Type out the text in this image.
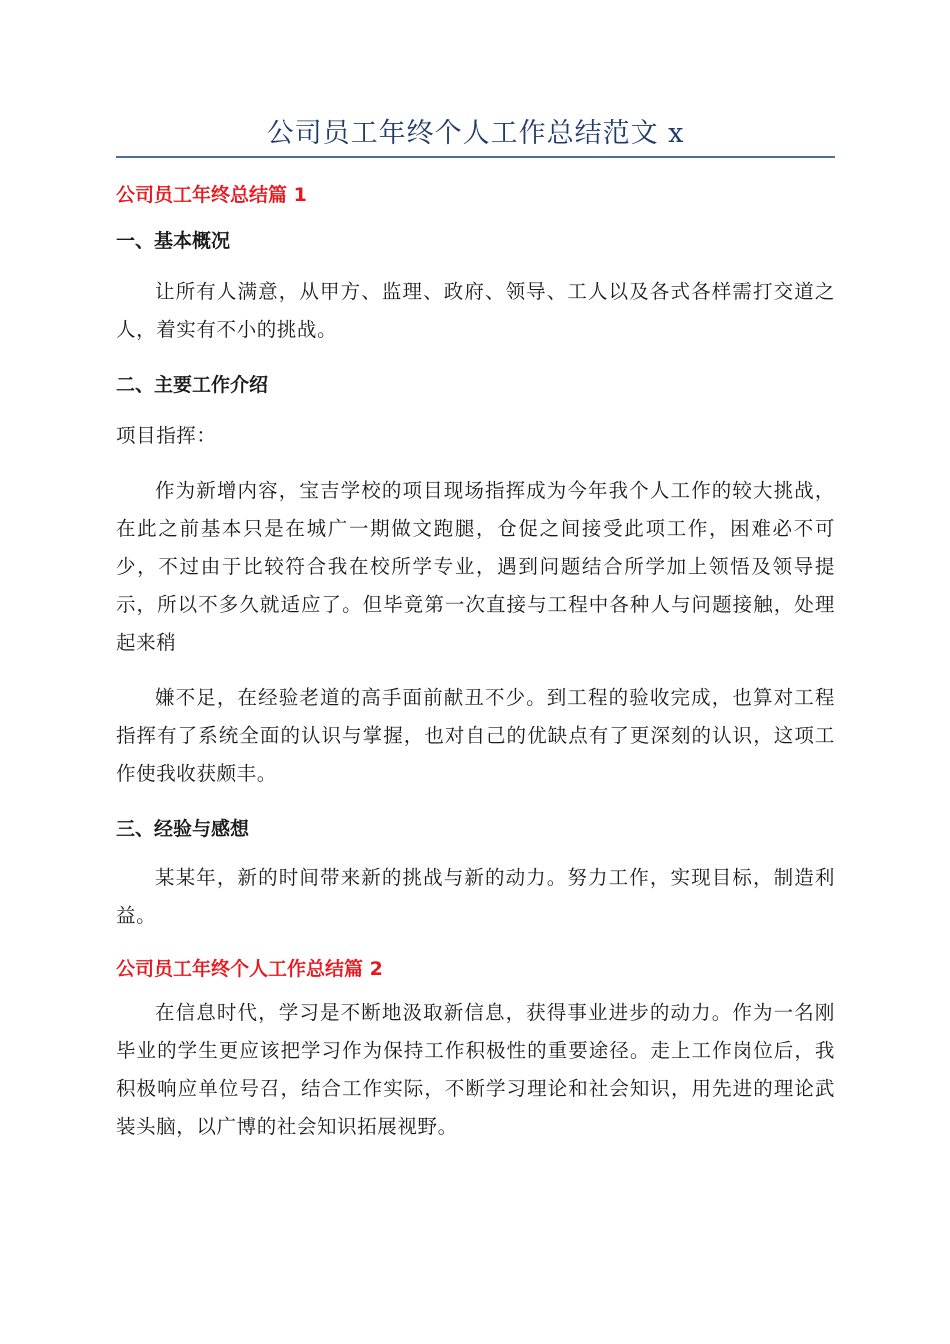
公司员工年终个人工作总结范文 x
公司员工年终总结篇 1
一、基本概况

让所有人满意，从甲方、监理、政府、领导、工人以及各式各样需打交道之人，着实有不小的挑战。

二、主要工作介绍

项目指挥：

作为新增内容，宝吉学校的项目现场指挥成为今年我个人工作的较大挑战，在此之前基本只是在城广一期做文跑腿，仓促之间接受此项工作，困难必不可少，不过由于比较符合我在校所学专业，遇到问题结合所学加上领悟及领导提示，所以不多久就适应了。但毕竟第一次直接与工程中各种人与问题接触，处理起来稍

嫌不足，在经验老道的高手面前献丑不少。到工程的验收完成，也算对工程指挥有了系统全面的认识与掌握，也对自己的优缺点有了更深刻的认识，这项工作使我收获颇丰。

三、经验与感想

某某年，新的时间带来新的挑战与新的动力。努力工作，实现目标，制造利益。

公司员工年终个人工作总结篇 2

在信息时代，学习是不断地汲取新信息，获得事业进步的动力。作为一名刚毕业的学生更应该把学习作为保持工作积极性的重要途径。走上工作岗位后，我积极响应单位号召，结合工作实际，不断学习理论和社会知识，用先进的理论武装头脑，以广博的社会知识拓展视野。
